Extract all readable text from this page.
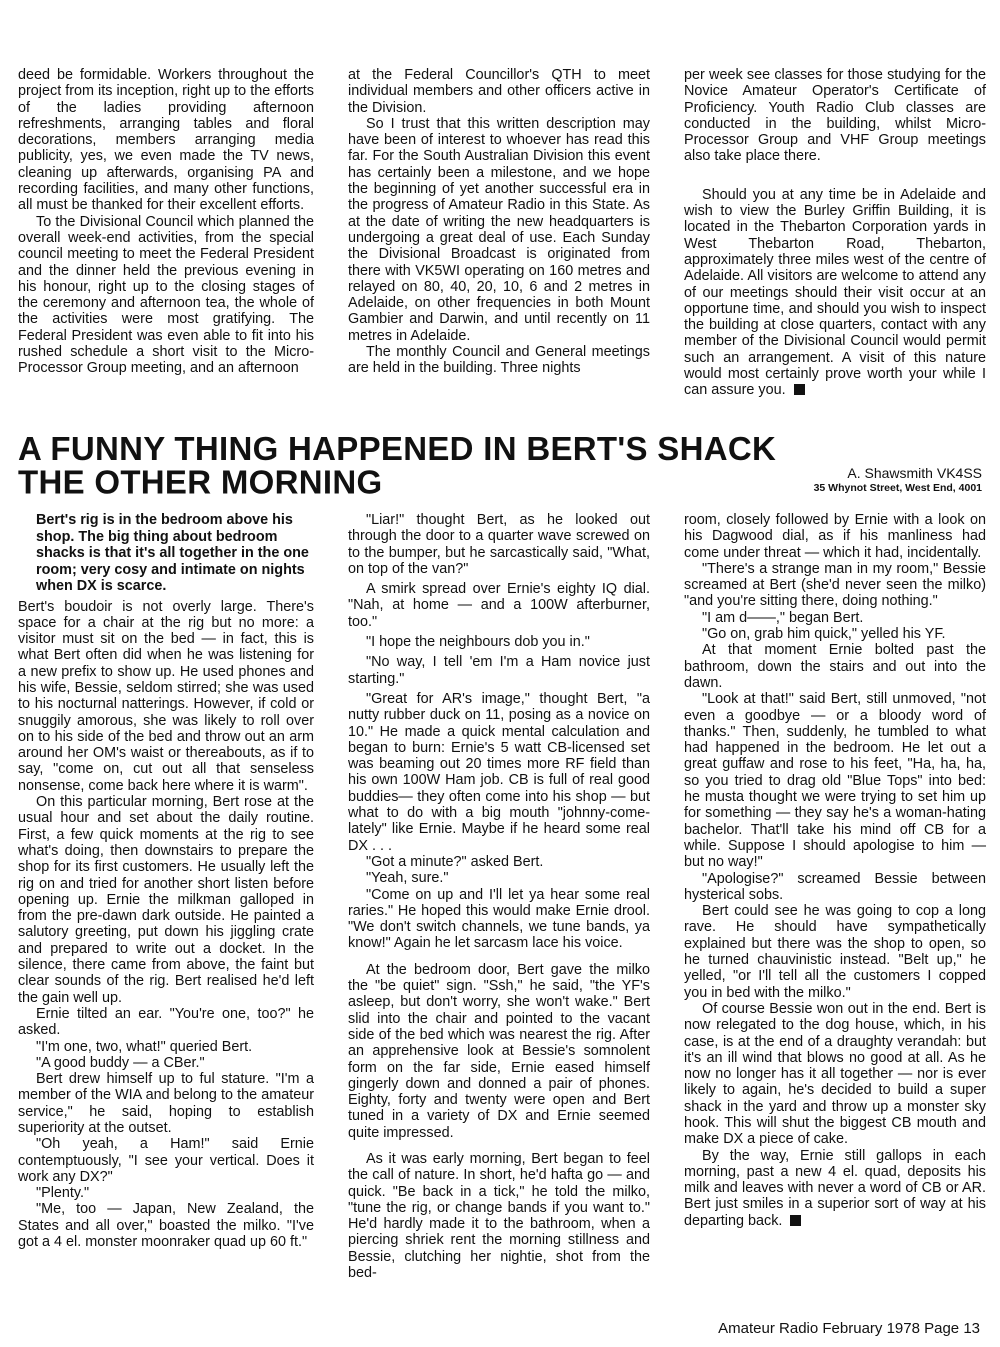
deed be formidable. Workers throughout the project from its inception, right up to the efforts of the ladies providing afternoon refreshments, arranging tables and floral decorations, members arranging media publicity, yes, we even made the TV news, cleaning up afterwards, organising PA and recording facilities, and many other functions, all must be thanked for their excellent efforts.

To the Divisional Council which planned the overall week-end activities, from the special council meeting to meet the Federal President and the dinner held the previous evening in his honour, right up to the closing stages of the ceremony and afternoon tea, the whole of the activities were most gratifying. The Federal President was even able to fit into his rushed schedule a short visit to the Micro-Processor Group meeting, and an afternoon

at the Federal Councillor's QTH to meet individual members and other officers active in the Division.

So I trust that this written description may have been of interest to whoever has read this far. For the South Australian Division this event has certainly been a milestone, and we hope the beginning of yet another successful era in the progress of Amateur Radio in this State. As at the date of writing the new headquarters is undergoing a great deal of use. Each Sunday the Divisional Broadcast is originated from there with VK5WI operating on 160 metres and relayed on 80, 40, 20, 10, 6 and 2 metres in Adelaide, on other frequencies in both Mount Gambier and Darwin, and until recently on 11 metres in Adelaide.

The monthly Council and General meetings are held in the building. Three nights

per week see classes for those studying for the Novice Amateur Operator's Certificate of Proficiency. Youth Radio Club classes are conducted in the building, whilst Micro-Processor Group and VHF Group meetings also take place there.

Should you at any time be in Adelaide and wish to view the Burley Griffin Building, it is located in the Thebarton Corporation yards in West Thebarton Road, Thebarton, approximately three miles west of the centre of Adelaide. All visitors are welcome to attend any of our meetings should their visit occur at an opportune time, and should you wish to inspect the building at close quarters, contact with any member of the Divisional Council would permit such an arrangement. A visit of this nature would most certainly prove worth your while I can assure you.

A FUNNY THING HAPPENED IN BERT'S SHACK
THE OTHER MORNING	A. Shawsmith VK4SS
35 Whynot Street, West End, 4001

Bert's rig is in the bedroom above his shop. The big thing about bedroom shacks is that it's all together in the one room; very cosy and intimate on nights when DX is scarce.

Bert's boudoir is not overly large. There's space for a chair at the rig but no more: a visitor must sit on the bed — in fact, this is what Bert often did when he was listening for a new prefix to show up. He used phones and his wife, Bessie, seldom stirred; she was used to his nocturnal natterings. However, if cold or snuggily amorous, she was likely to roll over on to his side of the bed and throw out an arm around her OM's waist or thereabouts, as if to say, "come on, cut out all that senseless nonsense, come back here where it is warm".

On this particular morning, Bert rose at the usual hour and set about the daily routine. First, a few quick moments at the rig to see what's doing, then downstairs to prepare the shop for its first customers. He usually left the rig on and tried for another short listen before opening up. Ernie the milkman galloped in from the pre-dawn dark outside. He painted a salutory greeting, put down his jiggling crate and prepared to write out a docket. In the silence, there came from above, the faint but clear sounds of the rig. Bert realised he'd left the gain well up.

Ernie tilted an ear. "You're one, too?" he asked.

"I'm one, two, what!" queried Bert.

"A good buddy — a CBer."

Bert drew himself up to ful stature. "I'm a member of the WIA and belong to the amateur service," he said, hoping to establish superiority at the outset.

"Oh yeah, a Ham!" said Ernie contemptuously, "I see your vertical. Does it work any DX?"

"Plenty."

"Me, too — Japan, New Zealand, the States and all over," boasted the milko. "I've got a 4 el. monster moonraker quad up 60 ft."

"Liar!" thought Bert, as he looked out through the door to a quarter wave screwed on to the bumper, but he sarcastically said, "What, on top of the van?"

A smirk spread over Ernie's eighty IQ dial. "Nah, at home — and a 100W afterburner, too."

"I hope the neighbours dob you in."

"No way, I tell 'em I'm a Ham novice just starting."

"Great for AR's image," thought Bert, "a nutty rubber duck on 11, posing as a novice on 10." He made a quick mental calculation and began to burn: Ernie's 5 watt CB-licensed set was beaming out 20 times more RF field than his own 100W Ham job. CB is full of real good buddies— they often come into his shop — but what to do with a big mouth "johnny-come-lately" like Ernie. Maybe if he heard some real DX . . .

"Got a minute?" asked Bert.

"Yeah, sure."

"Come on up and I'll let ya hear some real raries." He hoped this would make Ernie drool. "We don't switch channels, we tune bands, ya know!" Again he let sarcasm lace his voice.

At the bedroom door, Bert gave the milko the "be quiet" sign. "Ssh," he said, "the YF's asleep, but don't worry, she won't wake." Bert slid into the chair and pointed to the vacant side of the bed which was nearest the rig. After an apprehensive look at Bessie's somnolent form on the far side, Ernie eased himself gingerly down and donned a pair of phones. Eighty, forty and twenty were open and Bert tuned in a variety of DX and Ernie seemed quite impressed.

As it was early morning, Bert began to feel the call of nature. In short, he'd hafta go — and quick. "Be back in a tick," he told the milko, "tune the rig, or change bands if you want to." He'd hardly made it to the bathroom, when a piercing shriek rent the morning stillness and Bessie, clutching her nightie, shot from the bed-

room, closely followed by Ernie with a look on his Dagwood dial, as if his manliness had come under threat — which it had, incidentally.

"There's a strange man in my room," Bessie screamed at Bert (she'd never seen the milko) "and you're sitting there, doing nothing."

"I am d——," began Bert.

"Go on, grab him quick," yelled his YF.

At that moment Ernie bolted past the bathroom, down the stairs and out into the dawn.

"Look at that!" said Bert, still unmoved, "not even a goodbye — or a bloody word of thanks." Then, suddenly, he tumbled to what had happened in the bedroom. He let out a great guffaw and rose to his feet, "Ha, ha, ha, so you tried to drag old "Blue Tops" into bed: he musta thought we were trying to set him up for something — they say he's a woman-hating bachelor. That'll take his mind off CB for a while. Suppose I should apologise to him — but no way!"

"Apologise?" screamed Bessie between hysterical sobs.

Bert could see he was going to cop a long rave. He should have sympathetically explained but there was the shop to open, so he turned chauvinistic instead. "Belt up," he yelled, "or I'll tell all the customers I copped you in bed with the milko."

Of course Bessie won out in the end. Bert is now relegated to the dog house, which, in his case, is at the end of a draughty verandah: but it's an ill wind that blows no good at all. As he now no longer has it all together — nor is ever likely to again, he's decided to build a super shack in the yard and throw up a monster sky hook. This will shut the biggest CB mouth and make DX a piece of cake.

By the way, Ernie still gallops in each morning, past a new 4 el. quad, deposits his milk and leaves with never a word of CB or AR. Bert just smiles in a superior sort of way at his departing back.

Amateur Radio February 1978 Page 13
